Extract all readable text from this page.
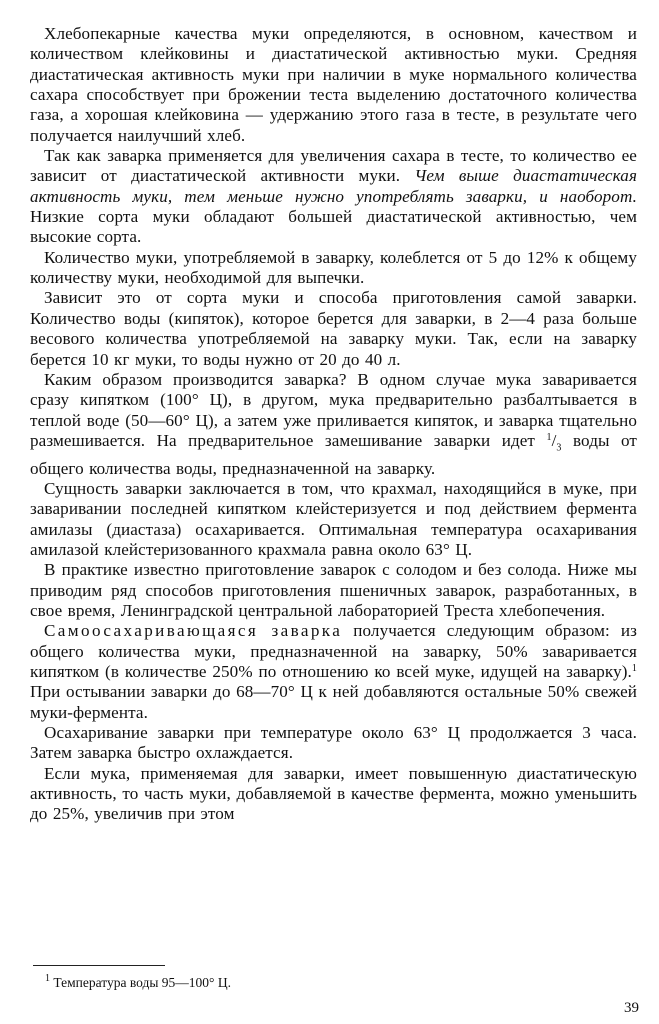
Хлебопекарные качества муки определяются, в основном, качеством и количеством клейковины и диастатической активностью муки. Средняя диастатическая активность муки при наличии в муке нормального количества сахара способствует при брожении теста выделению достаточного количества газа, а хорошая клейковина — удержанию этого газа в тесте, в результате чего получается наилучший хлеб.

Так как заварка применяется для увеличения сахара в тесте, то количество ее зависит от диастатической активности муки. Чем выше диастатическая активность муки, тем меньше нужно употреблять заварки, и наоборот. Низкие сорта муки обладают большей диастатической активностью, чем высокие сорта.

Количество муки, употребляемой в заварку, колеблется от 5 до 12% к общему количеству муки, необходимой для выпечки.

Зависит это от сорта муки и способа приготовления самой заварки. Количество воды (кипяток), которое берется для заварки, в 2—4 раза больше весового количества употребляемой на заварку муки. Так, если на заварку берется 10 кг муки, то воды нужно от 20 до 40 л.

Каким образом производится заварка? В одном случае мука заваривается сразу кипятком (100° Ц), в другом, мука предварительно разбалтывается в теплой воде (50—60° Ц), а затем уже приливается кипяток, и заварка тщательно размешивается. На предварительное замешивание заварки идет $^1/_3$ воды от общего количества воды, предназначенной на заварку.

Сущность заварки заключается в том, что крахмал, находящийся в муке, при заваривании последней кипятком клейстеризуется и под действием фермента амилазы (диастаза) осахаривается. Оптимальная температура осахаривания амилазой клейстеризованного крахмала равна около 63° Ц.

В практике известно приготовление заварок с солодом и без солода. Ниже мы приводим ряд способов приготовления пшеничных заварок, разработанных, в свое время, Ленинградской центральной лабораторией Треста хлебопечения.

Самоосахаривающаяся заварка получается следующим образом: из общего количества муки, предназначенной на заварку, 50% заваривается кипятком (в количестве 250% по отношению ко всей муке, идущей на заварку).$^1$ При остывании заварки до 68—70° Ц к ней добавляются остальные 50% свежей муки-фермента.

Осахаривание заварки при температуре около 63° Ц продолжается 3 часа. Затем заварка быстро охлаждается.

Если мука, применяемая для заварки, имеет повышенную диастатическую активность, то часть муки, добавляемой в качестве фермента, можно уменьшить до 25%, увеличив при этом

$^1$ Температура воды 95—100° Ц.
39
